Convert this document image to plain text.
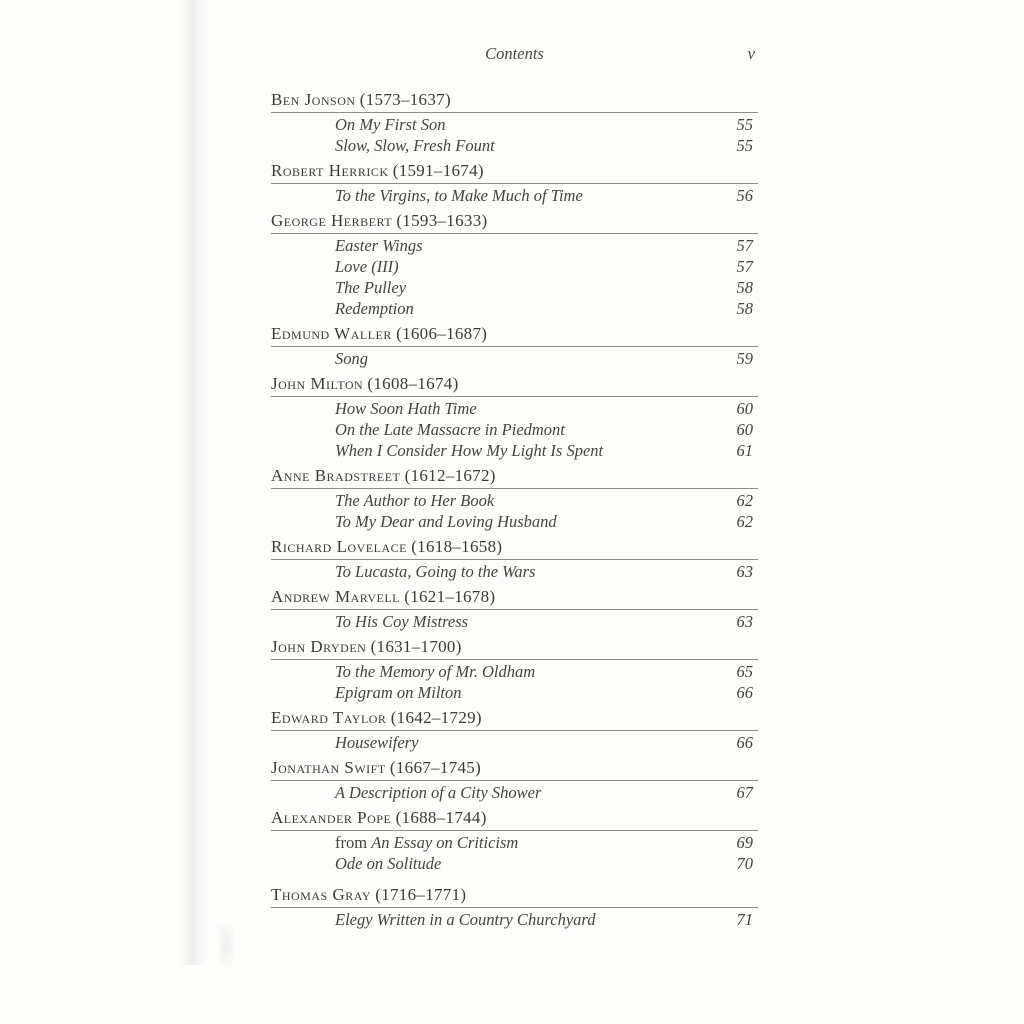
Contents	v
Ben Jonson (1573–1637)
On My First Son	55
Slow, Slow, Fresh Fount	55
Robert Herrick (1591–1674)
To the Virgins, to Make Much of Time	56
George Herbert (1593–1633)
Easter Wings	57
Love (III)	57
The Pulley	58
Redemption	58
Edmund Waller (1606–1687)
Song	59
John Milton (1608–1674)
How Soon Hath Time	60
On the Late Massacre in Piedmont	60
When I Consider How My Light Is Spent	61
Anne Bradstreet (1612–1672)
The Author to Her Book	62
To My Dear and Loving Husband	62
Richard Lovelace (1618–1658)
To Lucasta, Going to the Wars	63
Andrew Marvell (1621–1678)
To His Coy Mistress	63
John Dryden (1631–1700)
To the Memory of Mr. Oldham	65
Epigram on Milton	66
Edward Taylor (1642–1729)
Housewifery	66
Jonathan Swift (1667–1745)
A Description of a City Shower	67
Alexander Pope (1688–1744)
from An Essay on Criticism	69
Ode on Solitude	70
Thomas Gray (1716–1771)
Elegy Written in a Country Churchyard	71
